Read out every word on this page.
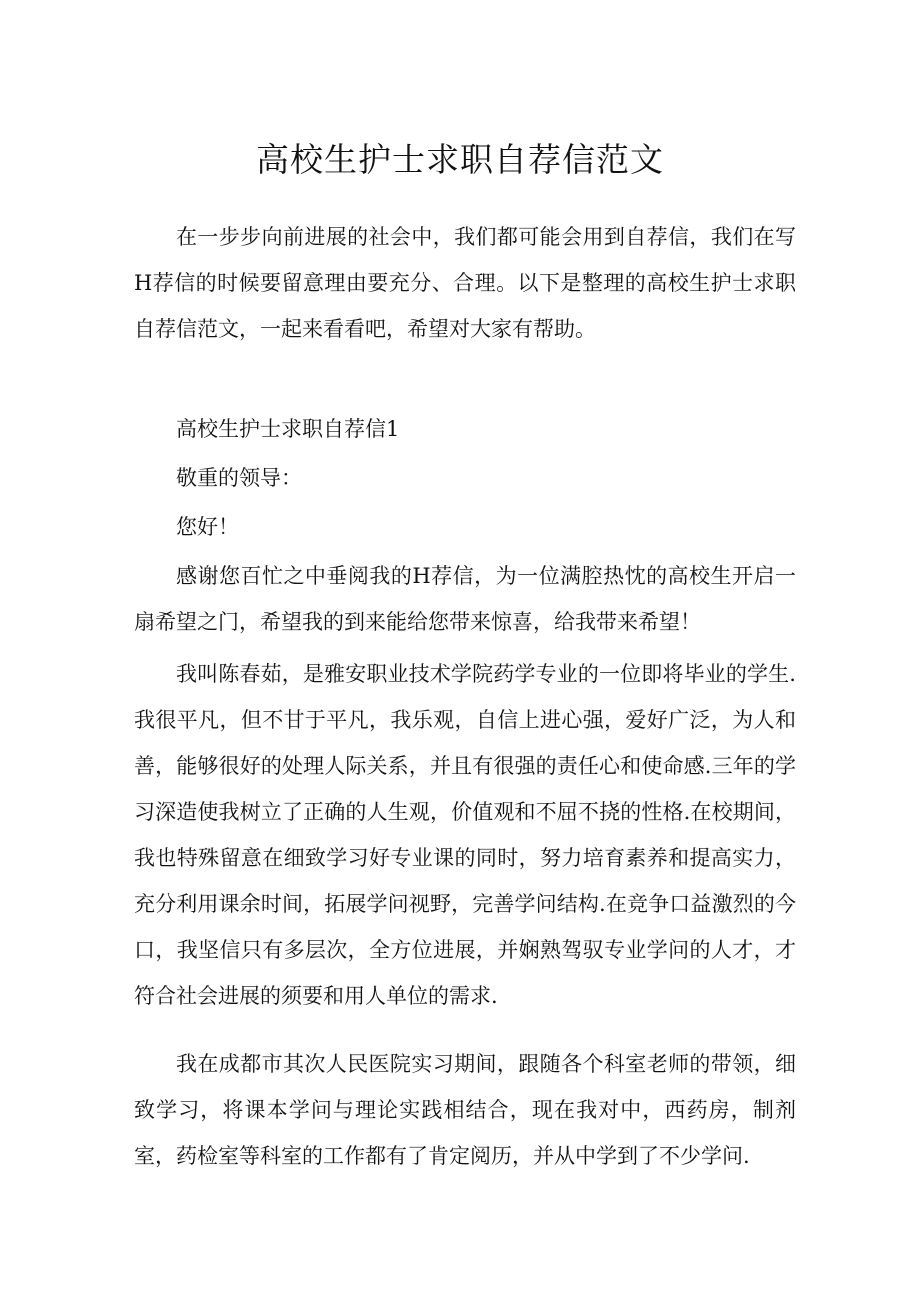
高校生护士求职自荐信范文

在一步步向前进展的社会中，我们都可能会用到自荐信，我们在写H荐信的时候要留意理由要充分、合理。以下是整理的高校生护士求职自荐信范文，一起来看看吧，希望对大家有帮助。

高校生护士求职自荐信1

敬重的领导：

您好！

感谢您百忙之中垂阅我的H荐信，为一位满腔热忱的高校生开启一扇希望之门，希望我的到来能给您带来惊喜，给我带来希望！

我叫陈春茹，是雅安职业技术学院药学专业的一位即将毕业的学生.我很平凡，但不甘于平凡，我乐观，自信上进心强，爱好广泛，为人和善，能够很好的处理人际关系，并且有很强的责任心和使命感.三年的学习深造使我树立了正确的人生观，价值观和不屈不挠的性格.在校期间，我也特殊留意在细致学习好专业课的同时，努力培育素养和提高实力，充分利用课余时间，拓展学问视野，完善学问结构.在竞争口益激烈的今口，我坚信只有多层次，全方位进展，并娴熟驾驭专业学问的人才，才符合社会进展的须要和用人单位的需求.

我在成都市其次人民医院实习期间，跟随各个科室老师的带领，细致学习，将课本学问与理论实践相结合，现在我对中，西药房，制剂室，药检室等科室的工作都有了肯定阅历，并从中学到了不少学问.
